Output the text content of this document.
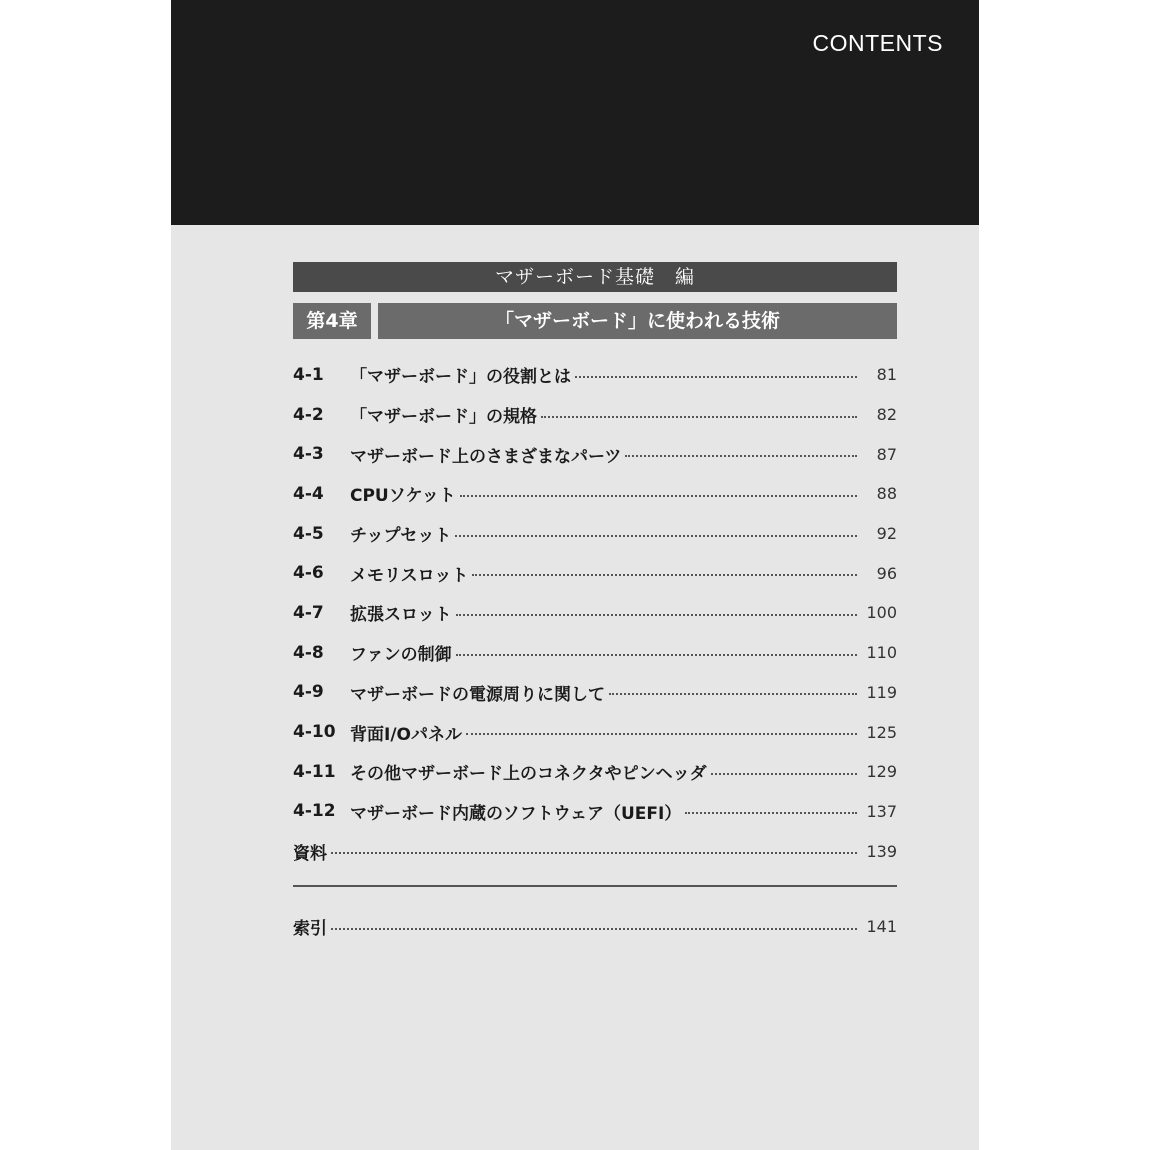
CONTENTS
マザーボード基礎　編
第4章	「マザーボード」に使われる技術
4-1	「マザーボード」の役割とは	81
4-2	「マザーボード」の規格	82
4-3	マザーボード上のさまざまなパーツ	87
4-4	CPUソケット	88
4-5	チップセット	92
4-6	メモリスロット	96
4-7	拡張スロット	100
4-8	ファンの制御	110
4-9	マザーボードの電源周りに関して	119
4-10 背面I/Oパネル	125
4-11 その他マザーボード上のコネクタやピンヘッダ	129
4-12 マザーボード内蔵のソフトウェア（UEFI）	137
資料	139
索引	141
